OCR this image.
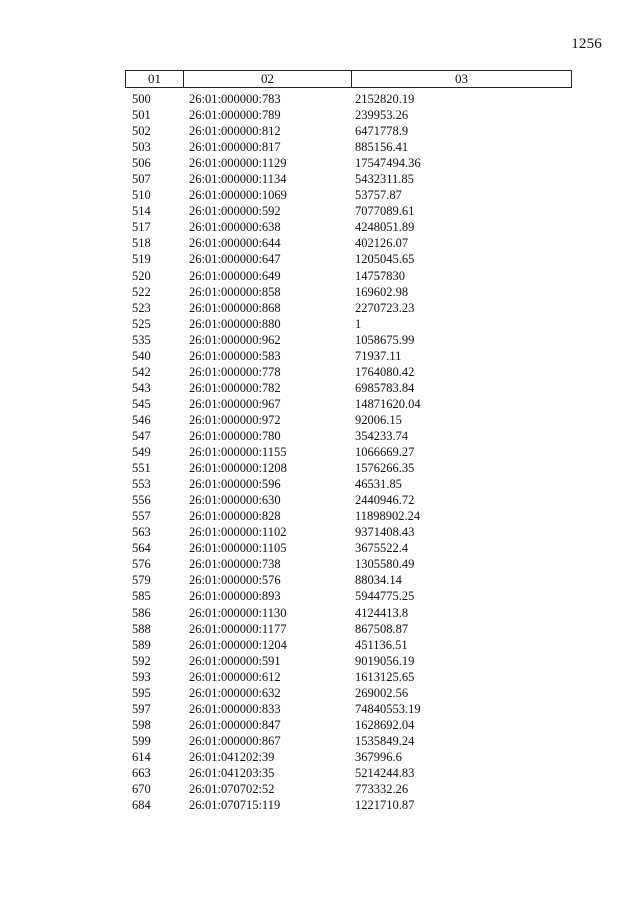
1256
01	02	03
500	26:01:000000:783	2152820.19
501	26:01:000000:789	239953.26
502	26:01:000000:812	6471778.9
503	26:01:000000:817	885156.41
506	26:01:000000:1129	17547494.36
507	26:01:000000:1134	5432311.85
510	26:01:000000:1069	53757.87
514	26:01:000000:592	7077089.61
517	26:01:000000:638	4248051.89
518	26:01:000000:644	402126.07
519	26:01:000000:647	1205045.65
520	26:01:000000:649	14757830
522	26:01:000000:858	169602.98
523	26:01:000000:868	2270723.23
525	26:01:000000:880	1
535	26:01:000000:962	1058675.99
540	26:01:000000:583	71937.11
542	26:01:000000:778	1764080.42
543	26:01:000000:782	6985783.84
545	26:01:000000:967	14871620.04
546	26:01:000000:972	92006.15
547	26:01:000000:780	354233.74
549	26:01:000000:1155	1066669.27
551	26:01:000000:1208	1576266.35
553	26:01:000000:596	46531.85
556	26:01:000000:630	2440946.72
557	26:01:000000:828	11898902.24
563	26:01:000000:1102	9371408.43
564	26:01:000000:1105	3675522.4
576	26:01:000000:738	1305580.49
579	26:01:000000:576	88034.14
585	26:01:000000:893	5944775.25
586	26:01:000000:1130	4124413.8
588	26:01:000000:1177	867508.87
589	26:01:000000:1204	451136.51
592	26:01:000000:591	9019056.19
593	26:01:000000:612	1613125.65
595	26:01:000000:632	269002.56
597	26:01:000000:833	74840553.19
598	26:01:000000:847	1628692.04
599	26:01:000000:867	1535849.24
614	26:01:041202:39	367996.6
663	26:01:041203:35	5214244.83
670	26:01:070702:52	773332.26
684	26:01:070715:119	1221710.87
